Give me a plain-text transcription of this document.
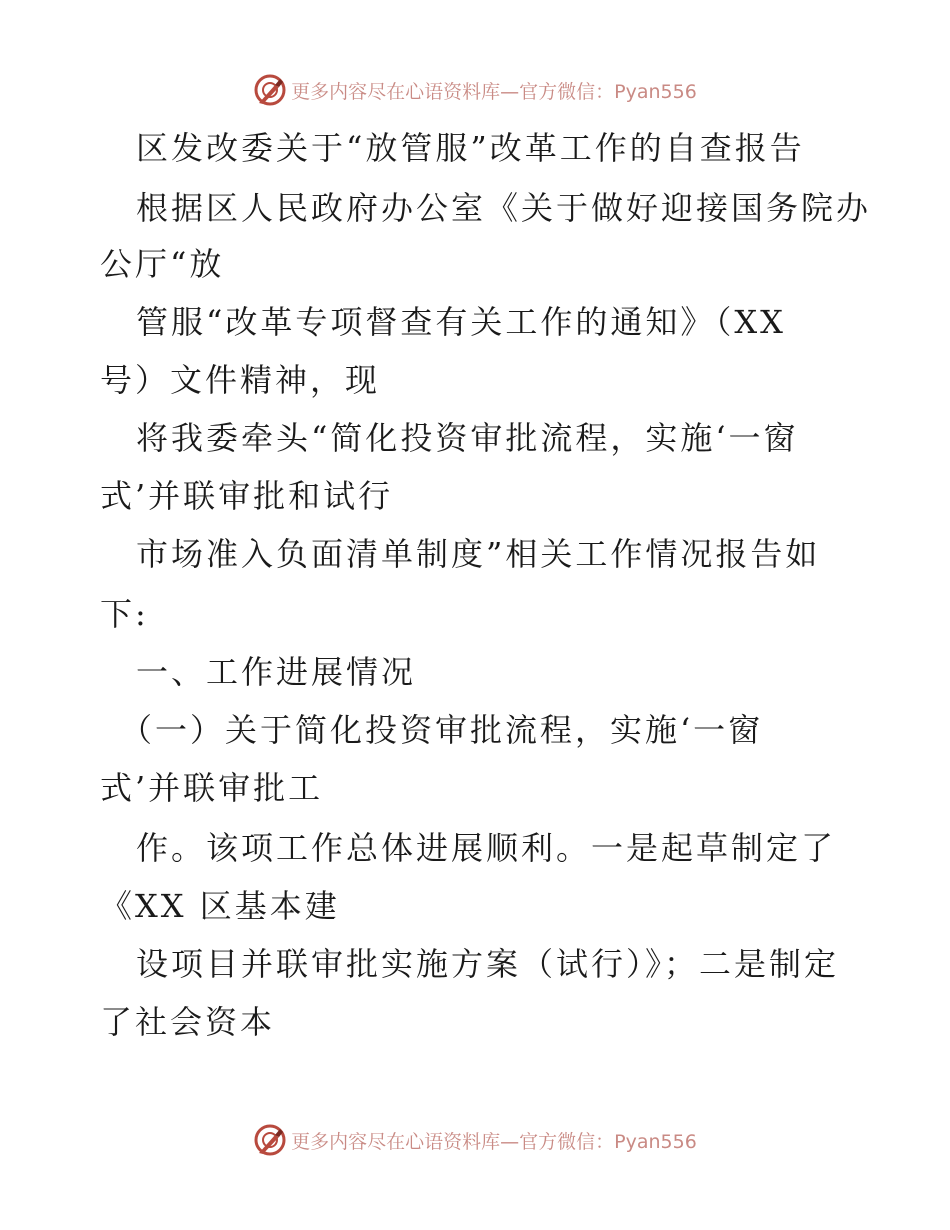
更多内容尽在心语资料库 —官方微信：Pyan556
区发改委关于“放管服”改革工作的自查报告
根据区人民政府办公室《关于做好迎接国务院办
公厅“放
管服“改革专项督查有关工作的通知》（XX
号）文件精神，现
将我委牵头“简化投资审批流程，实施‘一窗
式’并联审批和试行
市场准入负面清单制度”相关工作情况报告如
下:
一、工作进展情况
（一）关于简化投资审批流程，实施‘一窗
式’并联审批工
作。该项工作总体进展顺利。一是起草制定了
《XX 区基本建
设项目并联审批实施方案（试行）》；二是制定
了社会资本
更多内容尽在心语资料库 —官方微信：Pyan556
